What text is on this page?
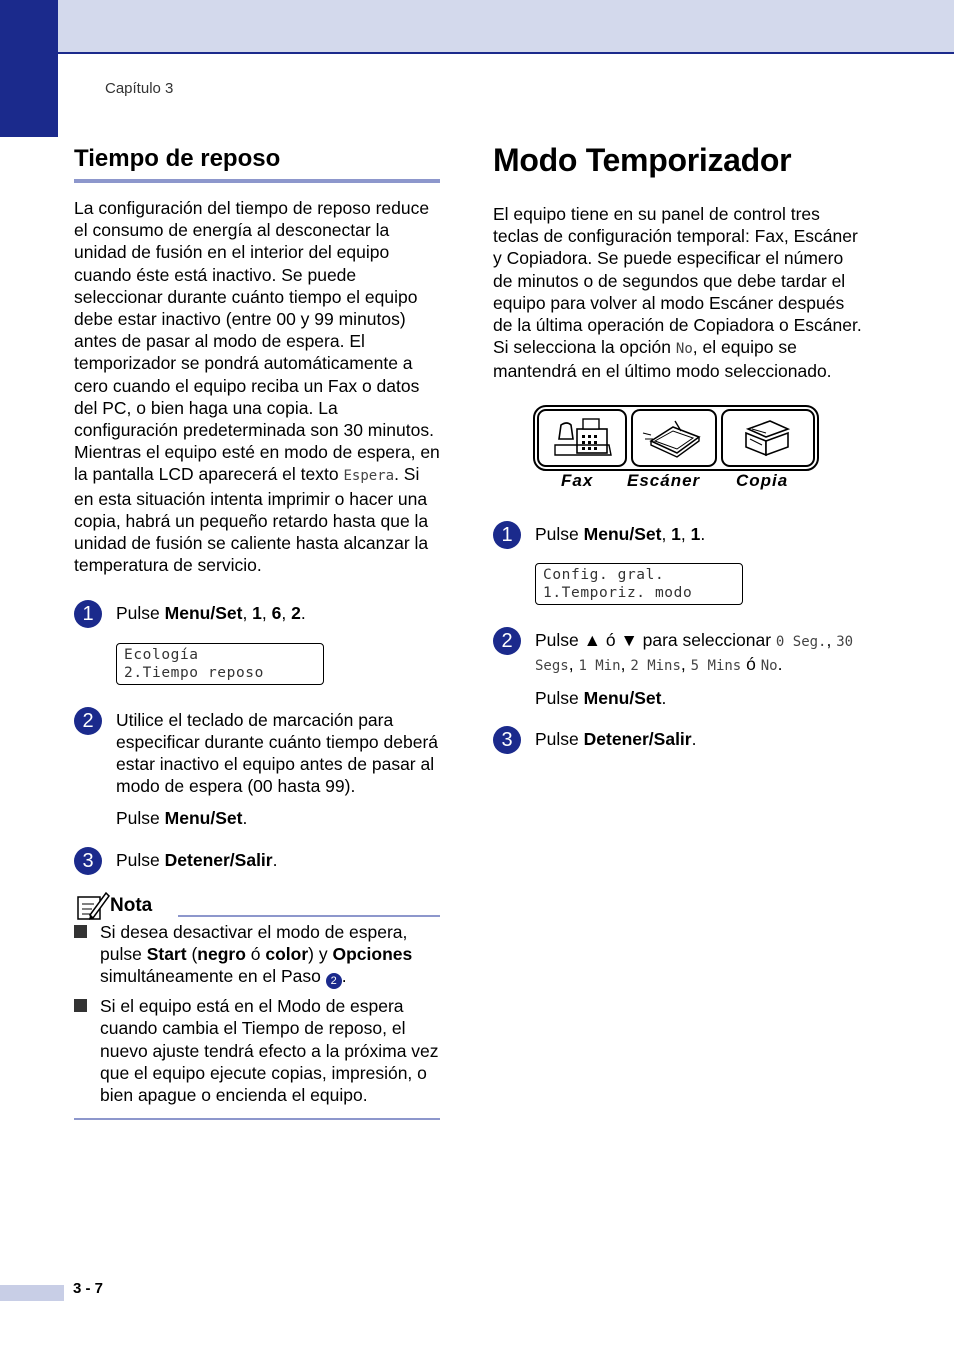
Capítulo 3
Tiempo de reposo

La configuración del tiempo de reposo reduce el consumo de energía al desconectar la unidad de fusión en el interior del equipo cuando éste está inactivo. Se puede seleccionar durante cuánto tiempo el equipo debe estar inactivo (entre 00 y 99 minutos) antes de pasar al modo de espera. El temporizador se pondrá automáticamente a cero cuando el equipo reciba un Fax o datos del PC, o bien haga una copia. La configuración predeterminada son 30 minutos. Mientras el equipo esté en modo de espera, en la pantalla LCD aparecerá el texto Espera. Si en esta situación intenta imprimir o hacer una copia, habrá un pequeño retardo hasta que la unidad de fusión se caliente hasta alcanzar la temperatura de servicio.

1	Pulse Menu/Set, 1, 6, 2.
Ecología
2.Tiempo reposo
2	Utilice el teclado de marcación para especificar durante cuánto tiempo deberá estar inactivo el equipo antes de pasar al modo de espera (00 hasta 99).
Pulse Menu/Set.
3	Pulse Detener/Salir.
Nota
Si desea desactivar el modo de espera, pulse Start (negro ó color) y Opciones simultáneamente en el Paso 2 .
Si el equipo está en el Modo de espera cuando cambia el Tiempo de reposo, el nuevo ajuste tendrá efecto a la próxima vez que el equipo ejecute copias, impresión, o bien apague o encienda el equipo.
Modo Temporizador

El equipo tiene en su panel de control tres teclas de configuración temporal: Fax, Escáner y Copiadora. Se puede especificar el número de minutos o de segundos que debe tardar el equipo para volver al modo Escáner después de la última operación de Copiadora o Escáner. Si selecciona la opción No, el equipo se mantendrá en el último modo seleccionado.

Fax Escáner Copia
1	Pulse Menu/Set, 1, 1.
Config. gral.
1.Temporiz. modo
2	Pulse ▲ ó ▼ para seleccionar 0 Seg., 30 Segs, 1 Min, 2 Mins, 5 Mins ó No.
Pulse Menu/Set.
3	Pulse Detener/Salir.
3 - 7
